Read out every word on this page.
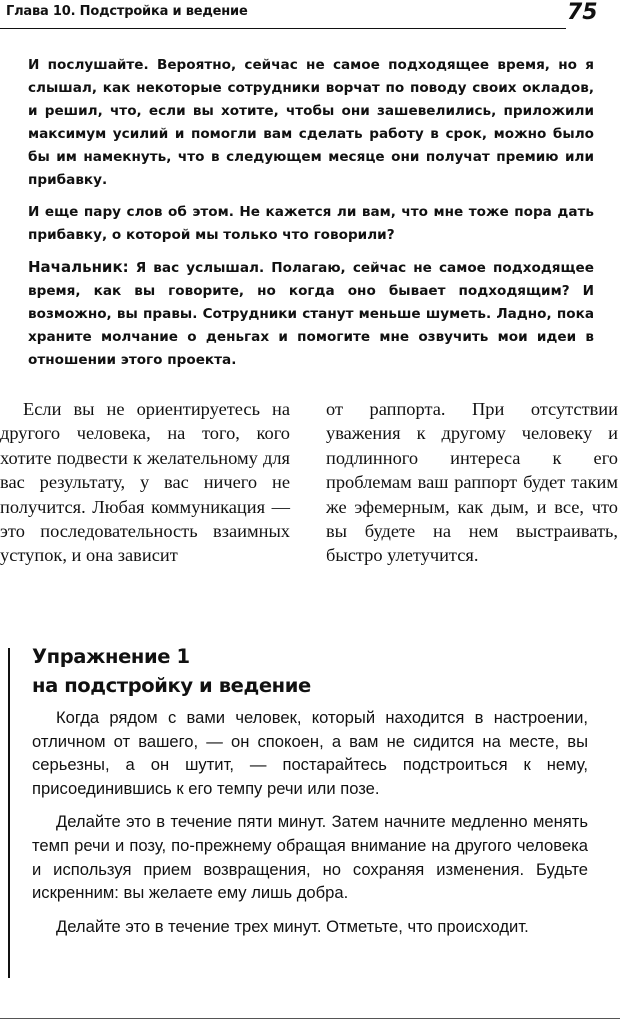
Глава 10. Подстройка и ведение	75

И послушайте. Вероятно, сейчас не самое подходящее время, но я слышал, как некоторые сотрудники ворчат по поводу своих окладов, и решил, что, если вы хотите, чтобы они зашевелились, приложили максимум усилий и помогли вам сделать работу в срок, можно было бы им намекнуть, что в следующем месяце они получат премию или прибавку.

И еще пару слов об этом. Не кажется ли вам, что мне тоже пора дать прибавку, о которой мы только что говорили?

Начальник: Я вас услышал. Полагаю, сейчас не самое подходящее время, как вы говорите, но когда оно бывает подходящим? И возможно, вы правы. Сотрудники станут меньше шуметь. Ладно, пока храните молчание о деньгах и помогите мне озвучить мои идеи в отношении этого проекта.

Если вы не ориентируетесь на другого человека, на того, кого хотите подвести к желательному для вас результату, у вас ничего не получится. Любая коммуникация — это последовательность взаимных уступок, и она зависит
от раппорта. При отсутствии уважения к другому человеку и подлинного интереса к его проблемам ваш раппорт будет таким же эфемерным, как дым, и все, что вы будете на нем выстраивать, быстро улетучится.
Упражнение 1
на подстройку и ведение

Когда рядом с вами человек, который находится в настроении, отличном от вашего, — он спокоен, а вам не сидится на месте, вы серьезны, а он шутит, — постарайтесь подстроиться к нему, присоединившись к его темпу речи или позе.

Делайте это в течение пяти минут. Затем начните медленно менять темп речи и позу, по-прежнему обращая внимание на другого человека и используя прием возвращения, но сохраняя изменения. Будьте искренним: вы желаете ему лишь добра.

Делайте это в течение трех минут. Отметьте, что происходит.
